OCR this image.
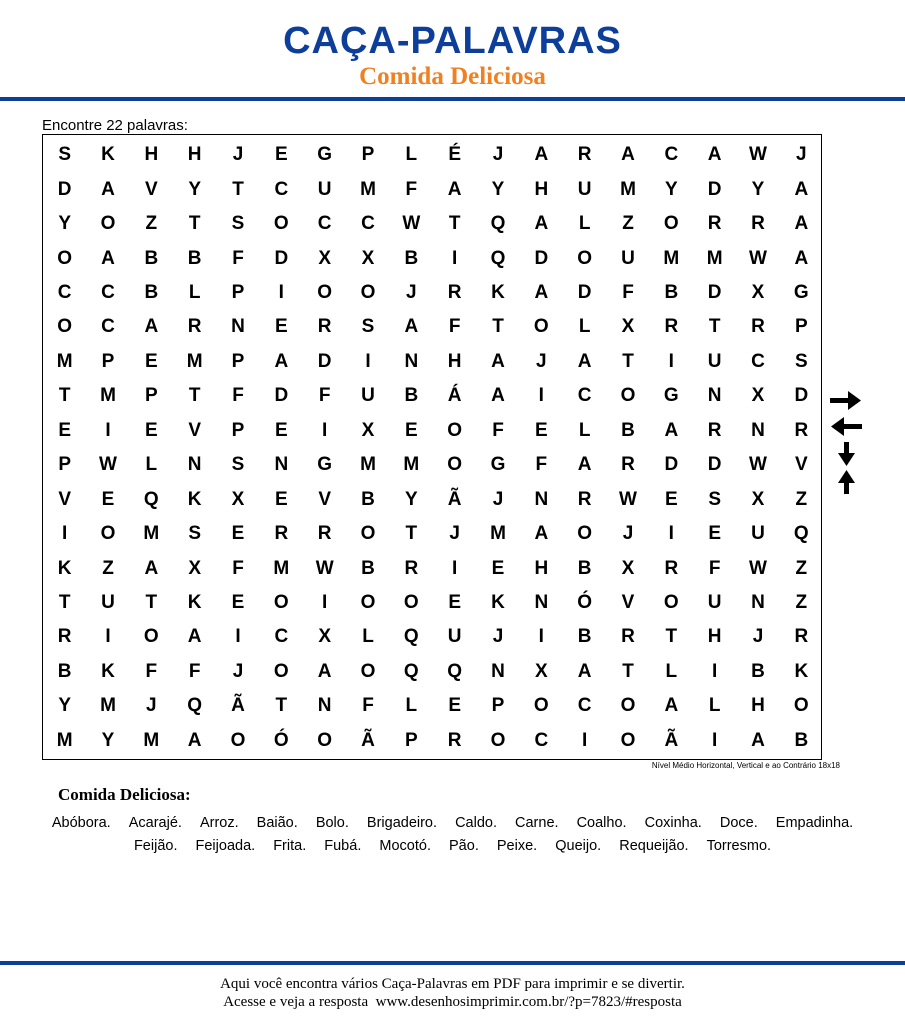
CAÇA-PALAVRAS
Comida Deliciosa
Encontre 22 palavras:
S	K	H	H	J	E	G	P	L	É	J	A	R	A	C	A	W	J
D	A	V	Y	T	C	U	M	F	A	Y	H	U	M	Y	D	Y	A
Y	O	Z	T	S	O	C	C	W	T	Q	A	L	Z	O	R	R	A
O	A	B	B	F	D	X	X	B	I	Q	D	O	U	M	M	W	A
C	C	B	L	P	I	O	O	J	R	K	A	D	F	B	D	X	G
O	C	A	R	N	E	R	S	A	F	T	O	L	X	R	T	R	P
M	P	E	M	P	A	D	I	N	H	A	J	A	T	I	U	C	S
T	M	P	T	F	D	F	U	B	Á	A	I	C	O	G	N	X	D
E	I	E	V	P	E	I	X	E	O	F	E	L	B	A	R	N	R
P	W	L	N	S	N	G	M	M	O	G	F	A	R	D	D	W	V
V	E	Q	K	X	E	V	B	Y	Ã	J	N	R	W	E	S	X	Z
I	O	M	S	E	R	R	O	T	J	M	A	O	J	I	E	U	Q
K	Z	A	X	F	M	W	B	R	I	E	H	B	X	R	F	W	Z
T	U	T	K	E	O	I	O	O	E	K	N	Ó	V	O	U	N	Z
R	I	O	A	I	C	X	L	Q	U	J	I	B	R	T	H	J	R
B	K	F	F	J	O	A	O	Q	Q	N	X	A	T	L	I	B	K
Y	M	J	Q	Ã	T	N	F	L	E	P	O	C	O	A	L	H	O
M	Y	M	A	O	Ó	O	Ã	P	R	O	C	I	O	Ã	I	A	B
Nível Médio Horizontal, Vertical e ao Contrário 18x18
Comida Deliciosa:
Abóbora. Acarajé. Arroz. Baião. Bolo. Brigadeiro. Caldo. Carne. Coalho. Coxinha. Doce. Empadinha. Feijão. Feijoada. Frita. Fubá. Mocotó. Pão. Peixe. Queijo. Requeijão. Torresmo.
Aqui você encontra vários Caça-Palavras em PDF para imprimir e se divertir.
Acesse e veja a resposta  www.desenhosimprimir.com.br/?p=7823/#resposta
